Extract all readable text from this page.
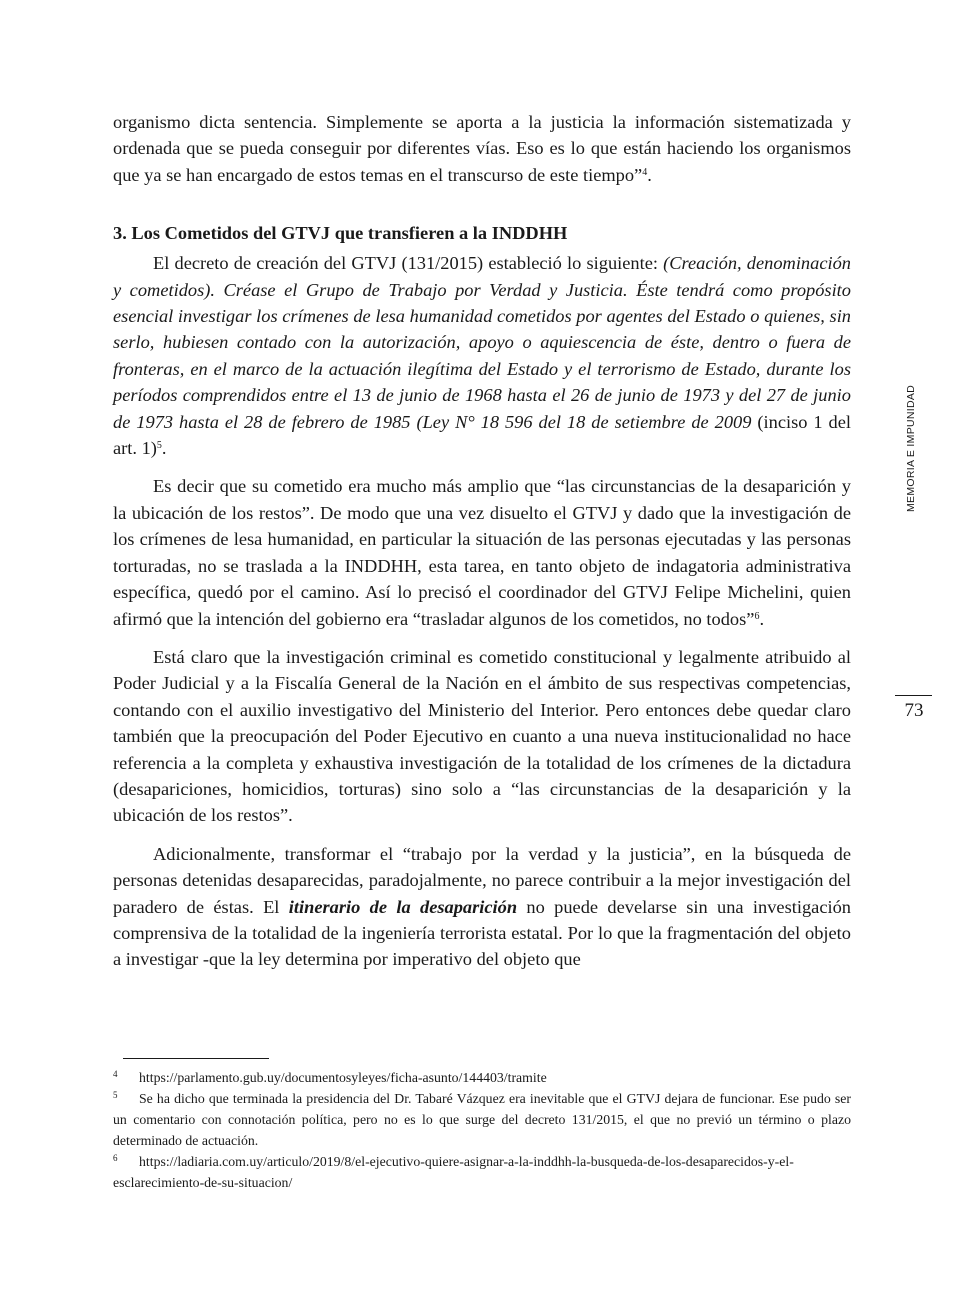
organismo dicta sentencia. Simplemente se aporta a la justicia la información sistematizada y ordenada que se pueda conseguir por diferentes vías. Eso es lo que están haciendo los organismos que ya se han encargado de estos temas en el transcurso de este tiempo”$^4$.

3. Los Cometidos del GTVJ que transfieren a la INDDHH

El decreto de creación del GTVJ (131/2015) estableció lo siguiente: (Creación, denominación y cometidos). Créase el Grupo de Trabajo por Verdad y Justicia. Éste tendrá como propósito esencial investigar los crímenes de lesa humanidad cometidos por agentes del Estado o quienes, sin serlo, hubiesen contado con la autorización, apoyo o aquiescencia de éste, dentro o fuera de fronteras, en el marco de la actuación ilegítima del Estado y el terrorismo de Estado, durante los períodos comprendidos entre el 13 de junio de 1968 hasta el 26 de junio de 1973 y del 27 de junio de 1973 hasta el 28 de febrero de 1985 (Ley N° 18 596 del 18 de setiembre de 2009 (inciso 1 del art. 1)$^5$.

Es decir que su cometido era mucho más amplio que “las circunstancias de la desaparición y la ubicación de los restos”. De modo que una vez disuelto el GTVJ y dado que la investigación de los crímenes de lesa humanidad, en particular la situación de las personas ejecutadas y las personas torturadas, no se traslada a la INDDHH, esta tarea, en tanto objeto de indagatoria administrativa específica, quedó por el camino. Así lo precisó el coordinador del GTVJ Felipe Michelini, quien afirmó que la intención del gobierno era “trasladar algunos de los cometidos, no todos”$^6$.

Está claro que la investigación criminal es cometido constitucional y legalmente atribuido al Poder Judicial y a la Fiscalía General de la Nación en el ámbito de sus respectivas competencias, contando con el auxilio investigativo del Ministerio del Interior. Pero entonces debe quedar claro también que la preocupación del Poder Ejecutivo en cuanto a una nueva institucionalidad no hace referencia a la completa y exhaustiva investigación de la totalidad de los crímenes de la dictadura (desapariciones, homicidios, torturas) sino solo a “las circunstancias de la desaparición y la ubicación de los restos”.

Adicionalmente, transformar el “trabajo por la verdad y la justicia”, en la búsqueda de personas detenidas desaparecidas, paradojalmente, no parece contribuir a la mejor investigación del paradero de éstas. El itinerario de la desaparición no puede develarse sin una investigación comprensiva de la totalidad de la ingeniería terrorista estatal. Por lo que la fragmentación del objeto a investigar -que la ley determina por imperativo del objeto que

4 https://parlamento.gub.uy/documentosyleyes/ficha-asunto/144403/tramite

5 Se ha dicho que terminada la presidencia del Dr. Tabaré Vázquez era inevitable que el GTVJ dejara de funcionar. Ese pudo ser un comentario con connotación política, pero no es lo que surge del decreto 131/2015, el que no previó un término o plazo determinado de actuación.

6 https://ladiaria.com.uy/articulo/2019/8/el-ejecutivo-quiere-asignar-a-la-inddhh-la-busqueda-de-los-desaparecidos-y-el-esclarecimiento-de-su-situacion/

MEMORIA E IMPUNIDAD
73
